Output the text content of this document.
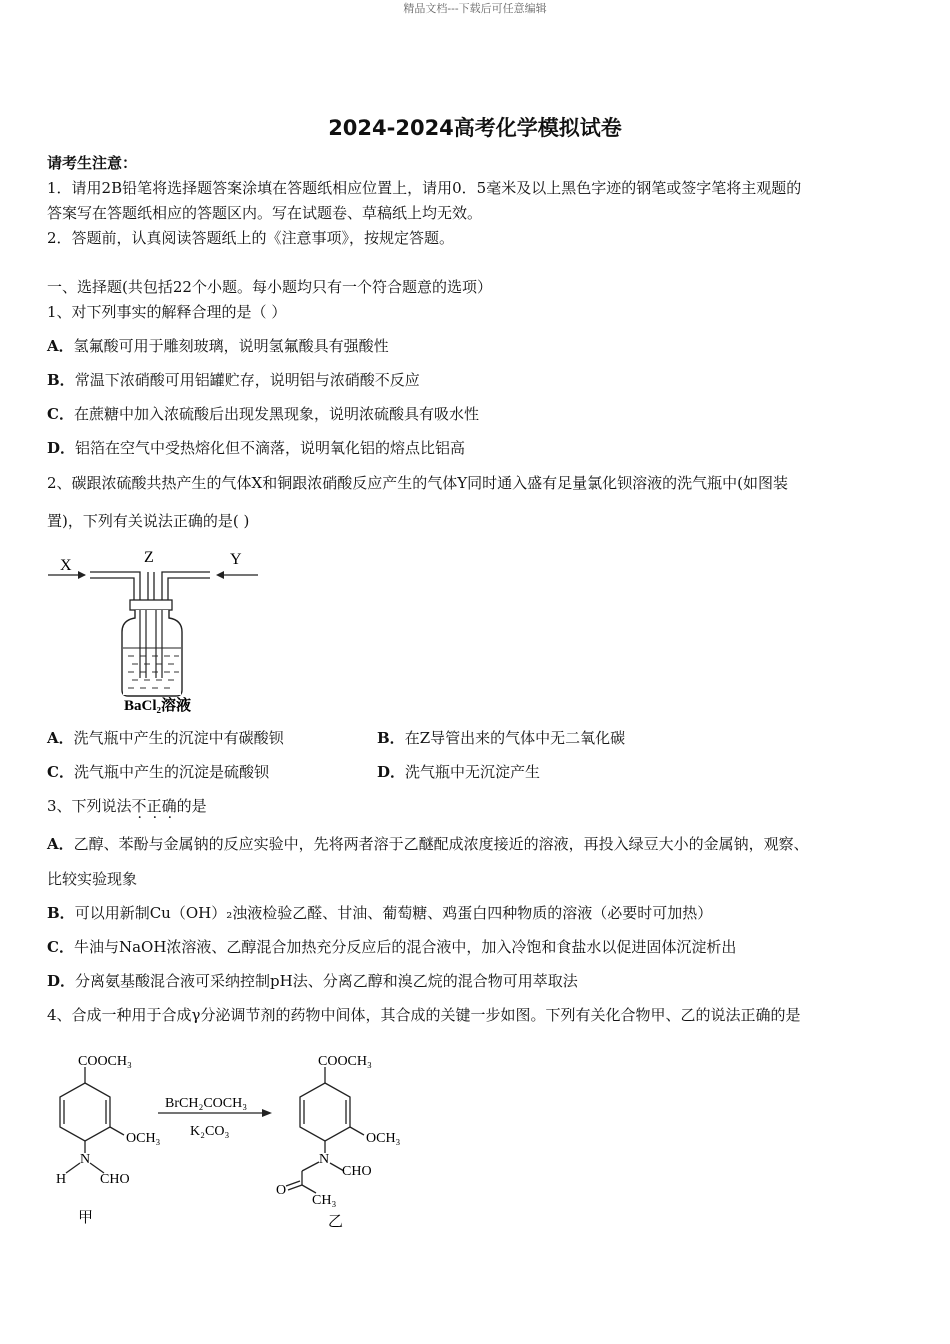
精品文档---下载后可任意编辑
2024-2024高考化学模拟试卷
请考生注意：
1．请用2B铅笔将选择题答案涂填在答题纸相应位置上，请用0．5毫米及以上黑色字迹的钢笔或签字笔将主观题的
答案写在答题纸相应的答题区内。写在试题卷、草稿纸上均无效。
2．答题前，认真阅读答题纸上的《注意事项》，按规定答题。
一、选择题(共包括22个小题。每小题均只有一个符合题意的选项）
1、对下列事实的解释合理的是（ ）
A．氢氟酸可用于雕刻玻璃，说明氢氟酸具有强酸性
B．常温下浓硝酸可用铝罐贮存，说明铝与浓硝酸不反应
C．在蔗糖中加入浓硫酸后出现发黑现象，说明浓硫酸具有吸水性
D．铝箔在空气中受热熔化但不滴落，说明氧化铝的熔点比铝高
2、碳跟浓硫酸共热产生的气体X和铜跟浓硝酸反应产生的气体Y同时通入盛有足量氯化钡溶液的洗气瓶中(如图装
置)，下列有关说法正确的是( )
X	Z	Y
BaCl₂溶液
A．洗气瓶中产生的沉淀中有碳酸钡	B．在Z导管出来的气体中无二氧化碳
C．洗气瓶中产生的沉淀是硫酸钡	D．洗气瓶中无沉淀产生
3、下列说法不正确的是
A．乙醇、苯酚与金属钠的反应实验中，先将两者溶于乙醚配成浓度接近的溶液，再投入绿豆大小的金属钠，观察、
比较实验现象
B．可以用新制Cu（OH）₂浊液检验乙醛、甘油、葡萄糖、鸡蛋白四种物质的溶液（必要时可加热）
C．牛油与NaOH浓溶液、乙醇混合加热充分反应后的混合液中，加入冷饱和食盐水以促进固体沉淀析出
D．分离氨基酸混合液可采纳控制pH法、分离乙醇和溴乙烷的混合物可用萃取法
4、合成一种用于合成γ分泌调节剂的药物中间体，其合成的关键一步如图。下列有关化合物甲、乙的说法正确的是
COOCH₃
OCH₃
N
H CHO
甲
BrCH₂COCH₃
K₂CO₃
COOCH₃
OCH₃
N
CHO
O
CH₃
乙
